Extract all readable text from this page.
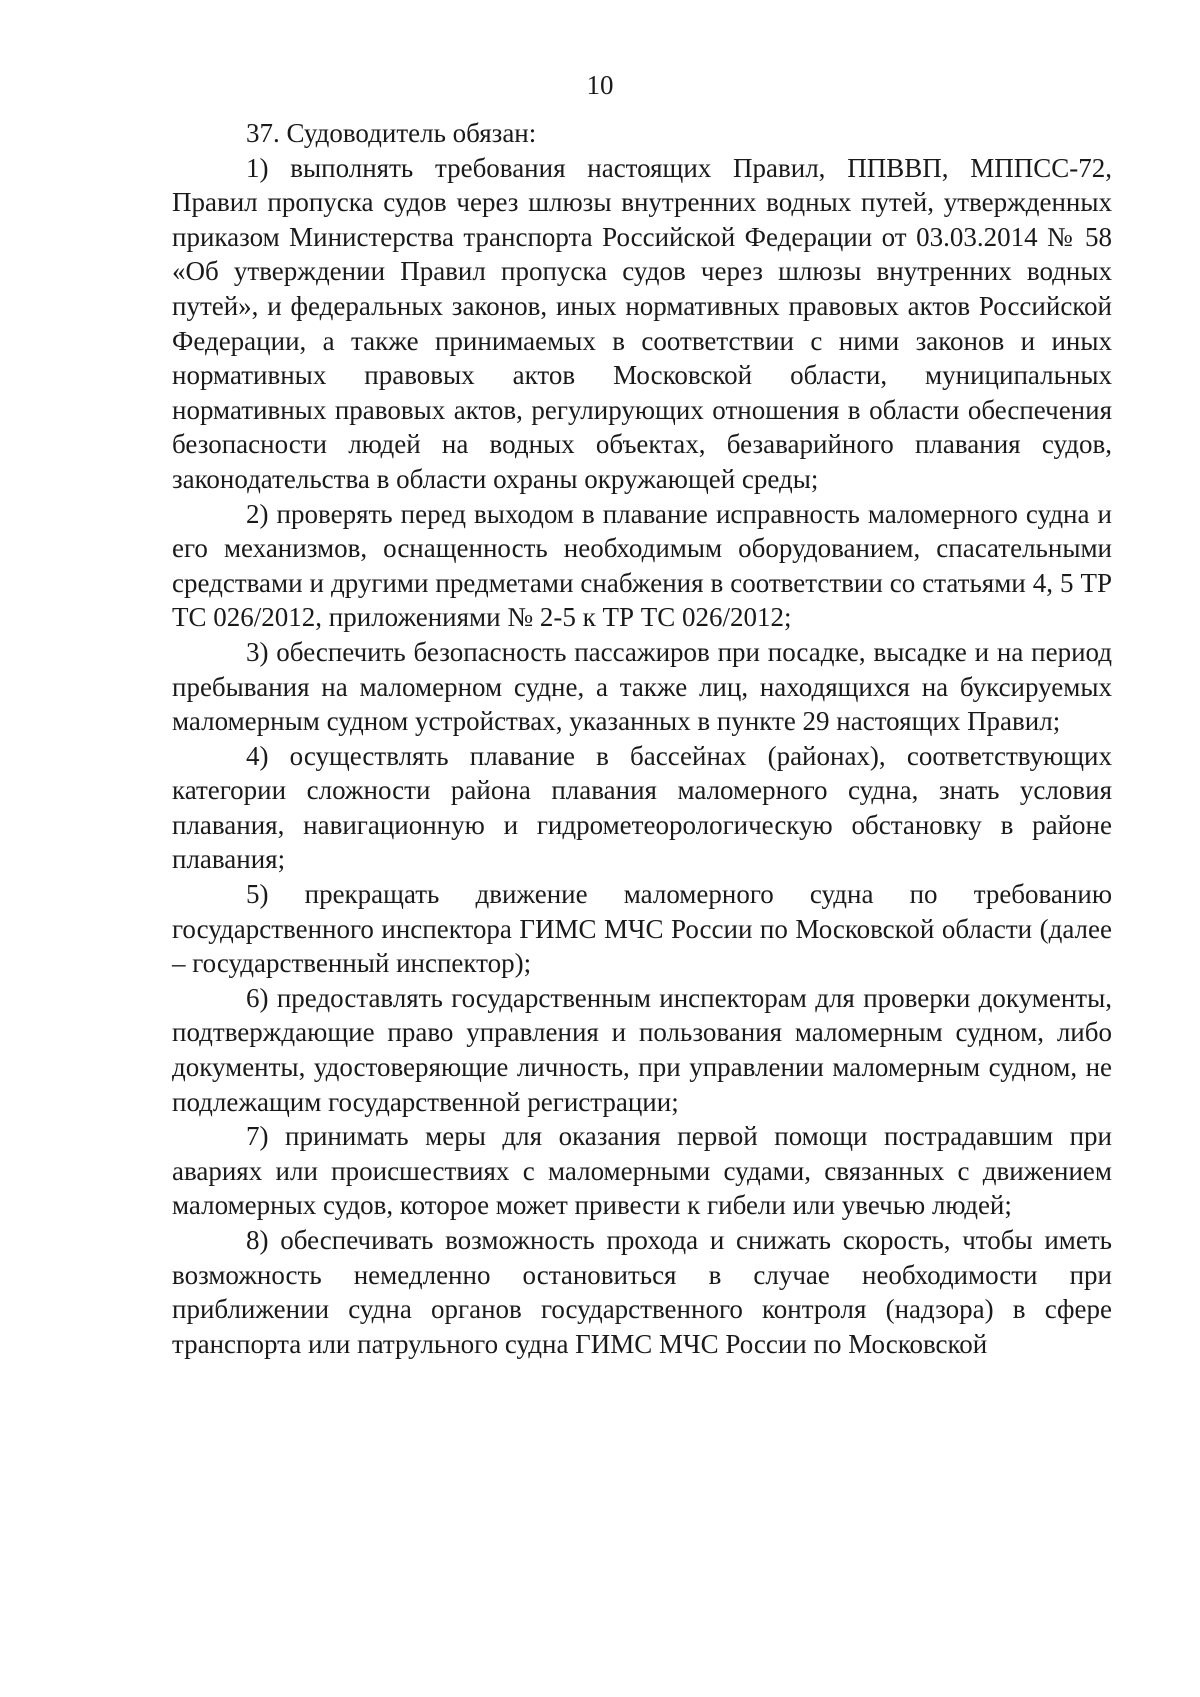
10

37. Судоводитель обязан:

1) выполнять требования настоящих Правил, ППВВП, МППСС-72, Правил пропуска судов через шлюзы внутренних водных путей, утвержденных приказом Министерства транспорта Российской Федерации от 03.03.2014 № 58 «Об утверждении Правил пропуска судов через шлюзы внутренних водных путей», и федеральных законов, иных нормативных правовых актов Российской Федерации, а также принимаемых в соответствии с ними законов и иных нормативных правовых актов Московской области, муниципальных нормативных правовых актов, регулирующих отношения в области обеспечения безопасности людей на водных объектах, безаварийного плавания судов, законодательства в области охраны окружающей среды;

2) проверять перед выходом в плавание исправность маломерного судна и его механизмов, оснащенность необходимым оборудованием, спасательными средствами и другими предметами снабжения в соответствии со статьями 4, 5 ТР ТС 026/2012, приложениями № 2-5 к ТР ТС 026/2012;

3) обеспечить безопасность пассажиров при посадке, высадке и на период пребывания на маломерном судне, а также лиц, находящихся на буксируемых маломерным судном устройствах, указанных в пункте 29 настоящих Правил;

4) осуществлять плавание в бассейнах (районах), соответствующих категории сложности района плавания маломерного судна, знать условия плавания, навигационную и гидрометеорологическую обстановку в районе плавания;

5) прекращать движение маломерного судна по требованию государственного инспектора ГИМС МЧС России по Московской области (далее – государственный инспектор);

6) предоставлять государственным инспекторам для проверки документы, подтверждающие право управления и пользования маломерным судном, либо документы, удостоверяющие личность, при управлении маломерным судном, не подлежащим государственной регистрации;

7) принимать меры для оказания первой помощи пострадавшим при авариях или происшествиях с маломерными судами, связанных с движением маломерных судов, которое может привести к гибели или увечью людей;

8) обеспечивать возможность прохода и снижать скорость, чтобы иметь возможность немедленно остановиться в случае необходимости при приближении судна органов государственного контроля (надзора) в сфере транспорта или патрульного судна ГИМС МЧС России по Московской
